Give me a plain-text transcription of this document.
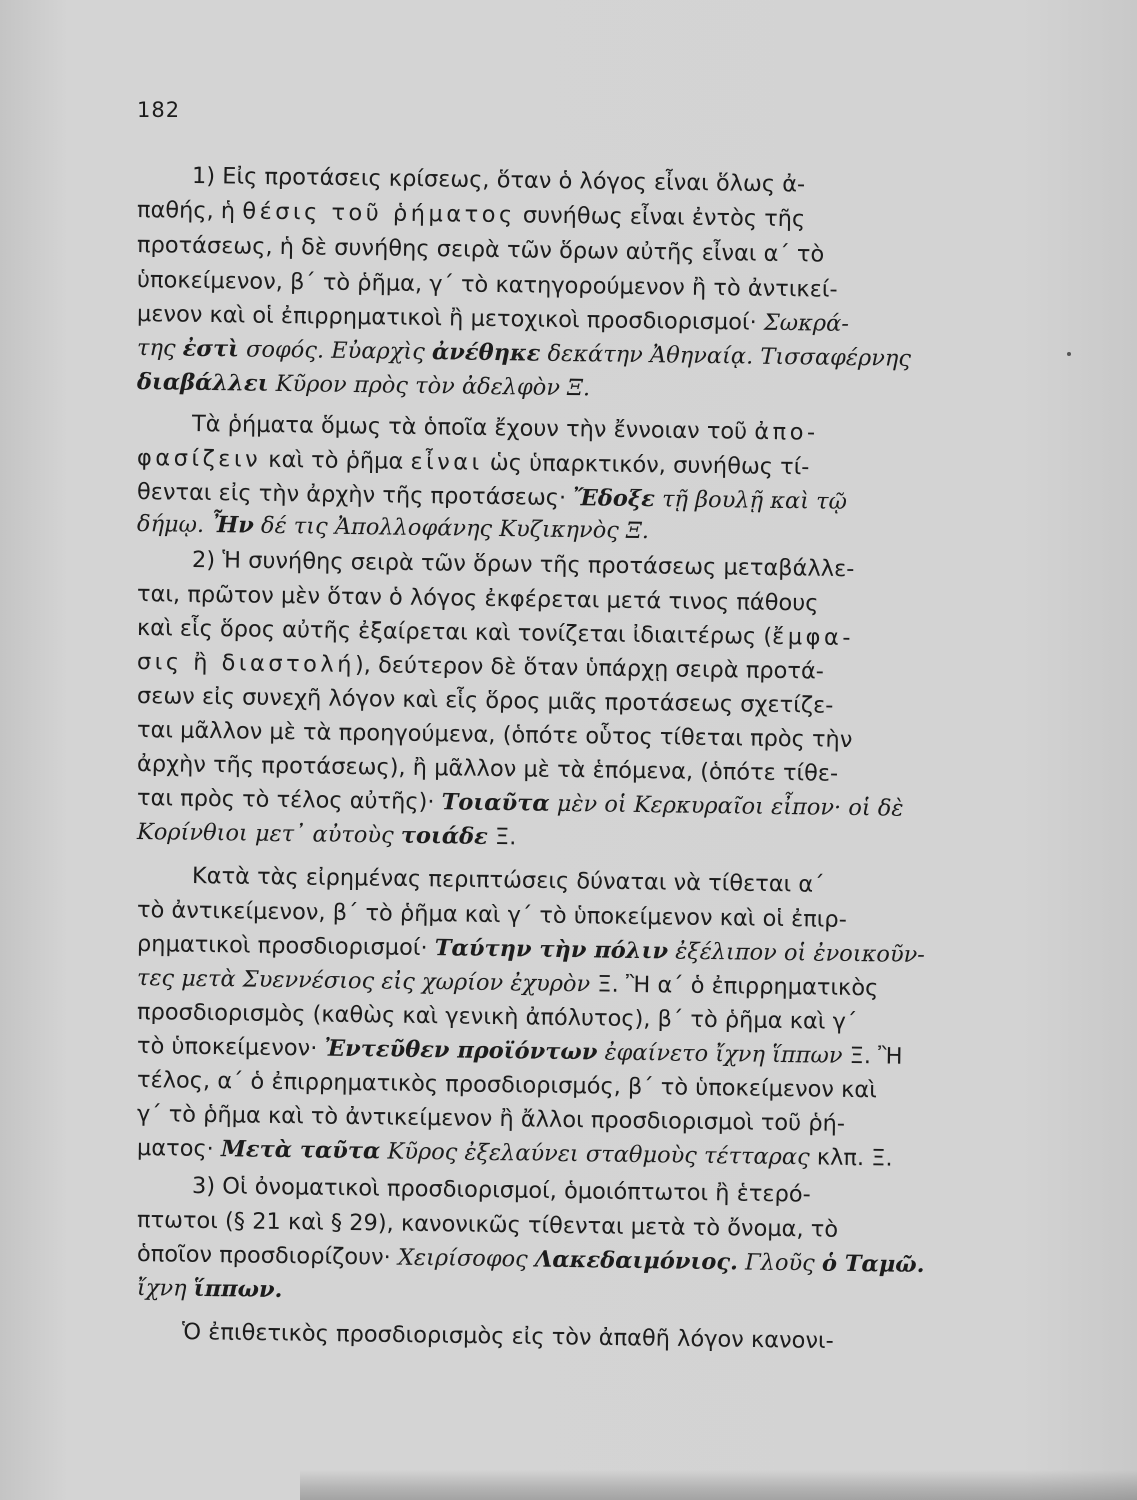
182
1) Εἰς προτάσεις κρίσεως, ὅταν ὁ λόγος εἶναι ὅλως ἀ-
παθής, ἡ θέσις τοῦ ῥήματος συνήθως εἶναι ἐντὸς τῆς
προτάσεως, ἡ δὲ συνήθης σειρὰ τῶν ὅρων αὐτῆς εἶναι α΄ τὸ
ὑποκείμενον, β΄ τὸ ῥῆμα, γ΄ τὸ κατηγορούμενον ἢ τὸ ἀντικεί-
μενον καὶ οἱ ἐπιρρηματικοὶ ἢ μετοχικοὶ προσδιορισμοί· Σωκρά-
της ἐστὶ σοφός. Εὐαρχὶς ἀνέθηκε δεκάτην Ἀθηναίᾳ. Τισσαφέρνης
διαβάλλει Κῦρον πρὸς τὸν ἀδελφὸν Ξ.
Τὰ ῥήματα ὅμως τὰ ὁποῖα ἔχουν τὴν ἔννοιαν τοῦ ἀπο-
φασίζειν καὶ τὸ ῥῆμα εἶναι ὡς ὑπαρκτικόν, συνήθως τί-
θενται εἰς τὴν ἀρχὴν τῆς προτάσεως· Ἔδοξε τῇ βουλῇ καὶ τῷ
δήμῳ. Ἦν δέ τις Ἀπολλοφάνης Κυζικηνὸς Ξ.
2) Ἡ συνήθης σειρὰ τῶν ὅρων τῆς προτάσεως μεταβάλλε-
ται, πρῶτον μὲν ὅταν ὁ λόγος ἐκφέρεται μετά τινος πάθους
καὶ εἷς ὅρος αὐτῆς ἐξαίρεται καὶ τονίζεται ἰδιαιτέρως (ἔμφα-
σις ἢ διαστολή), δεύτερον δὲ ὅταν ὑπάρχῃ σειρὰ προτά-
σεων εἰς συνεχῆ λόγον καὶ εἷς ὅρος μιᾶς προτάσεως σχετίζε-
ται μᾶλλον μὲ τὰ προηγούμενα, (ὁπότε οὗτος τίθεται πρὸς τὴν
ἀρχὴν τῆς προτάσεως), ἢ μᾶλλον μὲ τὰ ἑπόμενα, (ὁπότε τίθε-
ται πρὸς τὸ τέλος αὐτῆς)· Τοιαῦτα μὲν οἱ Κερκυραῖοι εἶπον· οἱ δὲ
Κορίνθιοι μετ᾽ αὐτοὺς τοιάδε Ξ.
Κατὰ τὰς εἰρημένας περιπτώσεις δύναται νὰ τίθεται α΄
τὸ ἀντικείμενον, β΄ τὸ ῥῆμα καὶ γ΄ τὸ ὑποκείμενον καὶ οἱ ἐπιρ-
ρηματικοὶ προσδιορισμοί· Ταύτην τὴν πόλιν ἐξέλιπον οἱ ἐνοικοῦν-
τες μετὰ Συεννέσιος εἰς χωρίον ἐχυρὸν Ξ. Ἢ α΄ ὁ ἐπιρρηματικὸς
προσδιορισμὸς (καθὼς καὶ γενικὴ ἀπόλυτος), β΄ τὸ ῥῆμα καὶ γ΄
τὸ ὑποκείμενον· Ἐντεῦθεν προϊόντων ἐφαίνετο ἴχνη ἵππων Ξ. Ἢ
τέλος, α΄ ὁ ἐπιρρηματικὸς προσδιορισμός, β΄ τὸ ὑποκείμενον καὶ
γ΄ τὸ ῥῆμα καὶ τὸ ἀντικείμενον ἢ ἄλλοι προσδιορισμοὶ τοῦ ῥή-
ματος· Μετὰ ταῦτα Κῦρος ἐξελαύνει σταθμοὺς τέτταρας κλπ. Ξ.
3) Οἱ ὀνοματικοὶ προσδιορισμοί, ὁμοιόπτωτοι ἢ ἑτερό-
πτωτοι (§ 21 καὶ § 29), κανονικῶς τίθενται μετὰ τὸ ὄνομα, τὸ
ὁποῖον προσδιορίζουν· Χειρίσοφος Λακεδαιμόνιος. Γλοῦς ὁ Ταμῶ.
ἴχνη ἵππων.
Ὁ ἐπιθετικὸς προσδιορισμὸς εἰς τὸν ἀπαθῆ λόγον κανονι-
